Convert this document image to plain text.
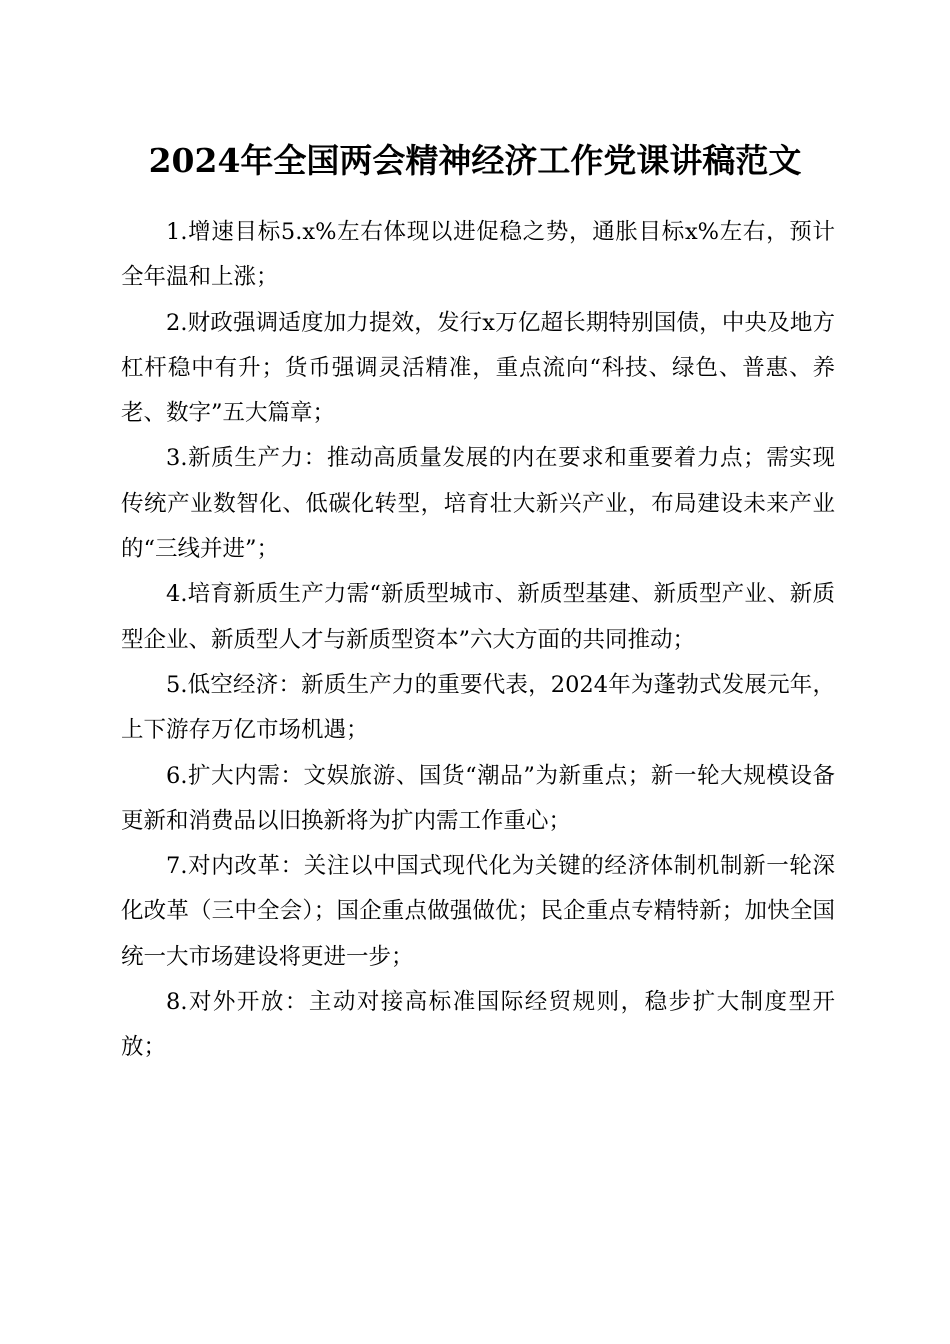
2024年全国两会精神经济工作党课讲稿范文

1.增速目标5.x%左右体现以进促稳之势，通胀目标x%左右，预计全年温和上涨；

2.财政强调适度加力提效，发行x万亿超长期特别国债，中央及地方杠杆稳中有升；货币强调灵活精准，重点流向“科技、绿色、普惠、养老、数字”五大篇章；

3.新质生产力：推动高质量发展的内在要求和重要着力点；需实现传统产业数智化、低碳化转型，培育壮大新兴产业，布局建设未来产业的“三线并进”；

4.培育新质生产力需“新质型城市、新质型基建、新质型产业、新质型企业、新质型人才与新质型资本”六大方面的共同推动；

5.低空经济：新质生产力的重要代表，2024年为蓬勃式发展元年，上下游存万亿市场机遇；

6.扩大内需：文娱旅游、国货“潮品”为新重点；新一轮大规模设备更新和消费品以旧换新将为扩内需工作重心；

7.对内改革：关注以中国式现代化为关键的经济体制机制新一轮深化改革（三中全会）；国企重点做强做优；民企重点专精特新；加快全国统一大市场建设将更进一步；

8.对外开放：主动对接高标准国际经贸规则，稳步扩大制度型开放；
